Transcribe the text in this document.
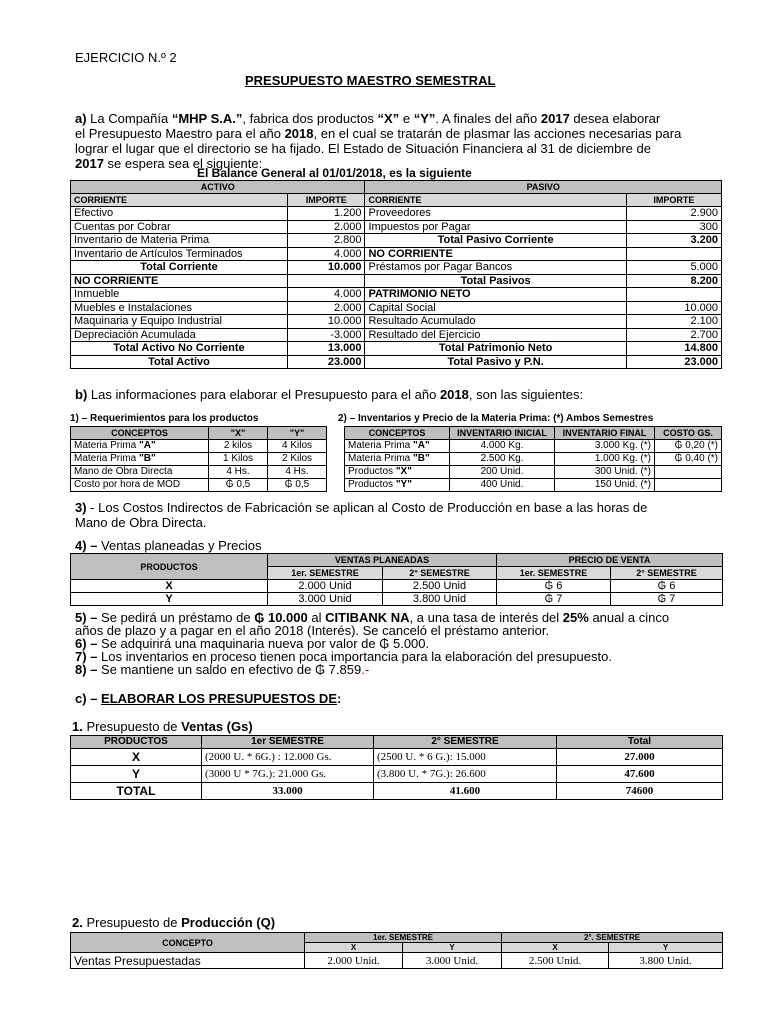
EJERCICIO N.º 2
PRESUPUESTO MAESTRO SEMESTRAL
a) La Compañía “MHP S.A.”, fabrica dos productos “X” e “Y”. A finales del año 2017 desea elaborar
el Presupuesto Maestro para el año 2018, en el cual se tratarán de plasmar las acciones necesarias para
lograr el lugar que el directorio se ha fijado. El Estado de Situación Financiera al 31 de diciembre de
2017 se espera sea el siguiente:
El Balance General al 01/01/2018, es la siguiente
ACTIVO		PASIVO	
CORRIENTE	IMPORTE	CORRIENTE	IMPORTE
Efectivo	1.200	Proveedores	2.900
Cuentas por Cobrar	2.000	Impuestos por Pagar	300
Inventario de Materia Prima	2.800	Total Pasivo Corriente	3.200
Inventario de Artículos Terminados	4.000	NO CORRIENTE	
Total Corriente	10.000	Préstamos por Pagar Bancos	5.000
NO CORRIENTE		Total Pasivos	8.200
Inmueble	4.000	PATRIMONIO NETO	
Muebles e Instalaciones	2.000	Capital Social	10.000
Maquinaria y Equipo Industrial	10.000	Resultado Acumulado	2.100
Depreciación Acumulada	-3.000	Resultado del Ejercicio	2.700
Total Activo No Corriente	13.000	Total Patrimonio Neto	14.800
Total Activo	23.000	Total Pasivo y P.N.	23.000
b) Las informaciones para elaborar el Presupuesto para el año 2018, son las siguientes:
1) – Requerimientos para los productos
CONCEPTOS	"X"	"Y"
Materia Prima "A"	2 kilos	4 Kilos
Materia Prima "B"	1 Kilos	2 Kilos
Mano de Obra Directa	4 Hs.	4 Hs.
Costo por hora de MOD	₲ 0,5	₲ 0,5
2) – Inventarios y Precio de la Materia Prima: (*) Ambos Semestres
CONCEPTOS	INVENTARIO INICIAL	INVENTARIO FINAL	COSTO GS.
Materia Prima "A"	4.000 Kg.	3.000 Kg. (*)	₲ 0,20 (*)
Materia Prima "B"	2.500 Kg.	1.000 Kg. (*)	₲ 0,40 (*)
Productos "X"	200 Unid.	300 Unid. (*)	
Productos "Y"	400 Unid.	150 Unid. (*)	
3) - Los Costos Indirectos de Fabricación se aplican al Costo de Producción en base a las horas de
Mano de Obra Directa.
4) – Ventas planeadas y Precios
PRODUCTOS	VENTAS PLANEADAS		PRECIO DE VENTA	
	1er. SEMESTRE	2° SEMESTRE	1er. SEMESTRE	2° SEMESTRE
X	2.000 Unid	2.500 Unid	₲ 6	₲ 6
Y	3.000 Unid	3.800 Unid	₲ 7	₲ 7
5) – Se pedirá un préstamo de ₲ 10.000 al CITIBANK NA, a una tasa de interés del 25% anual a cinco
años de plazo y a pagar en el año 2018 (Interés). Se canceló el préstamo anterior.
6) – Se adquirirá una maquinaria nueva por valor de ₲ 5.000.
7) – Los inventarios en proceso tienen poca importancia para la elaboración del presupuesto.
8) – Se mantiene un saldo en efectivo de ₲ 7.859.-
c) – ELABORAR LOS PRESUPUESTOS DE:
1. Presupuesto de Ventas (Gs)
PRODUCTOS	1er SEMESTRE	2° SEMESTRE	Total
X	(2000 U. * 6G.) : 12.000 Gs.	(2500 U. * 6 G.): 15.000	27.000
Y	(3000 U * 7G.): 21.000 Gs.	(3.800 U. * 7G.): 26.600	47.600
TOTAL	33.000	41.600	74600
2. Presupuesto de Producción (Q)
CONCEPTO	1er. SEMESTRE		2°. SEMESTRE	
	X	Y	X	Y
Ventas Presupuestadas	2.000 Unid.	3.000 Unid.	2.500 Unid.	3.800 Unid.
